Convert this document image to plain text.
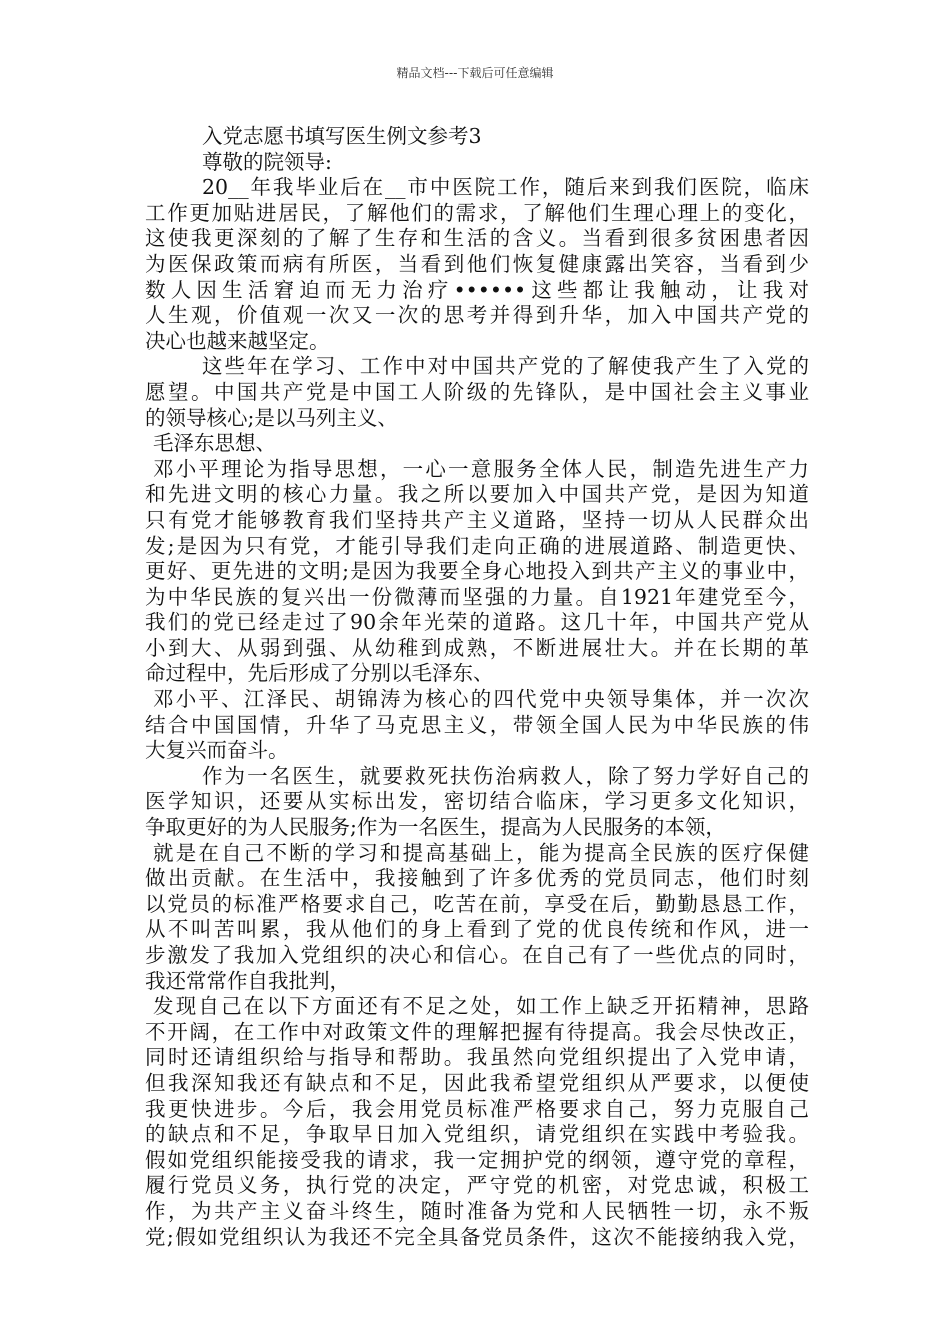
精品文档---下载后可任意编辑
入党志愿书填写医生例文参考3
尊敬的院领导:
20__年我毕业后在__市中医院工作，随后来到我们医院，临床
工作更加贴进居民，了解他们的需求，了解他们生理心理上的变化，
这使我更深刻的了解了生存和生活的含义。当看到很多贫困患者因
为医保政策而病有所医，当看到他们恢复健康露出笑容，当看到少
数人因生活窘迫而无力治疗••••••这些都让我触动，让我对
人生观，价值观一次又一次的思考并得到升华，加入中国共产党的
决心也越来越坚定。
这些年在学习、工作中对中国共产党的了解使我产生了入党的
愿望。中国共产党是中国工人阶级的先锋队，是中国社会主义事业
的领导核心;是以马列主义、
毛泽东思想、
邓小平理论为指导思想，一心一意服务全体人民，制造先进生产力
和先进文明的核心力量。我之所以要加入中国共产党，是因为知道
只有党才能够教育我们坚持共产主义道路，坚持一切从人民群众出
发;是因为只有党，才能引导我们走向正确的进展道路、制造更快、
更好、更先进的文明;是因为我要全身心地投入到共产主义的事业中，
为中华民族的复兴出一份微薄而坚强的力量。自1921年建党至今，
我们的党已经走过了90余年光荣的道路。这几十年，中国共产党从
小到大、从弱到强、从幼稚到成熟，不断进展壮大。并在长期的革
命过程中，先后形成了分别以毛泽东、
邓小平、江泽民、胡锦涛为核心的四代党中央领导集体，并一次次
结合中国国情，升华了马克思主义，带领全国人民为中华民族的伟
大复兴而奋斗。
作为一名医生，就要救死扶伤治病救人，除了努力学好自己的
医学知识，还要从实标出发，密切结合临床，学习更多文化知识，
争取更好的为人民服务;作为一名医生，提高为人民服务的本领，
就是在自己不断的学习和提高基础上，能为提高全民族的医疗保健
做出贡献。在生活中，我接触到了许多优秀的党员同志，他们时刻
以党员的标准严格要求自己，吃苦在前，享受在后，勤勤恳恳工作，
从不叫苦叫累，我从他们的身上看到了党的优良传统和作风，进一
步激发了我加入党组织的决心和信心。在自己有了一些优点的同时，
我还常常作自我批判，
发现自己在以下方面还有不足之处，如工作上缺乏开拓精神，思路
不开阔，在工作中对政策文件的理解把握有待提高。我会尽快改正，
同时还请组织给与指导和帮助。我虽然向党组织提出了入党申请，
但我深知我还有缺点和不足，因此我希望党组织从严要求，以便使
我更快进步。今后，我会用党员标准严格要求自己，努力克服自己
的缺点和不足，争取早日加入党组织，请党组织在实践中考验我。
假如党组织能接受我的请求，我一定拥护党的纲领，遵守党的章程，
履行党员义务，执行党的决定，严守党的机密，对党忠诚，积极工
作，为共产主义奋斗终生，随时准备为党和人民牺牲一切，永不叛
党;假如党组织认为我还不完全具备党员条件，这次不能接纳我入党，
